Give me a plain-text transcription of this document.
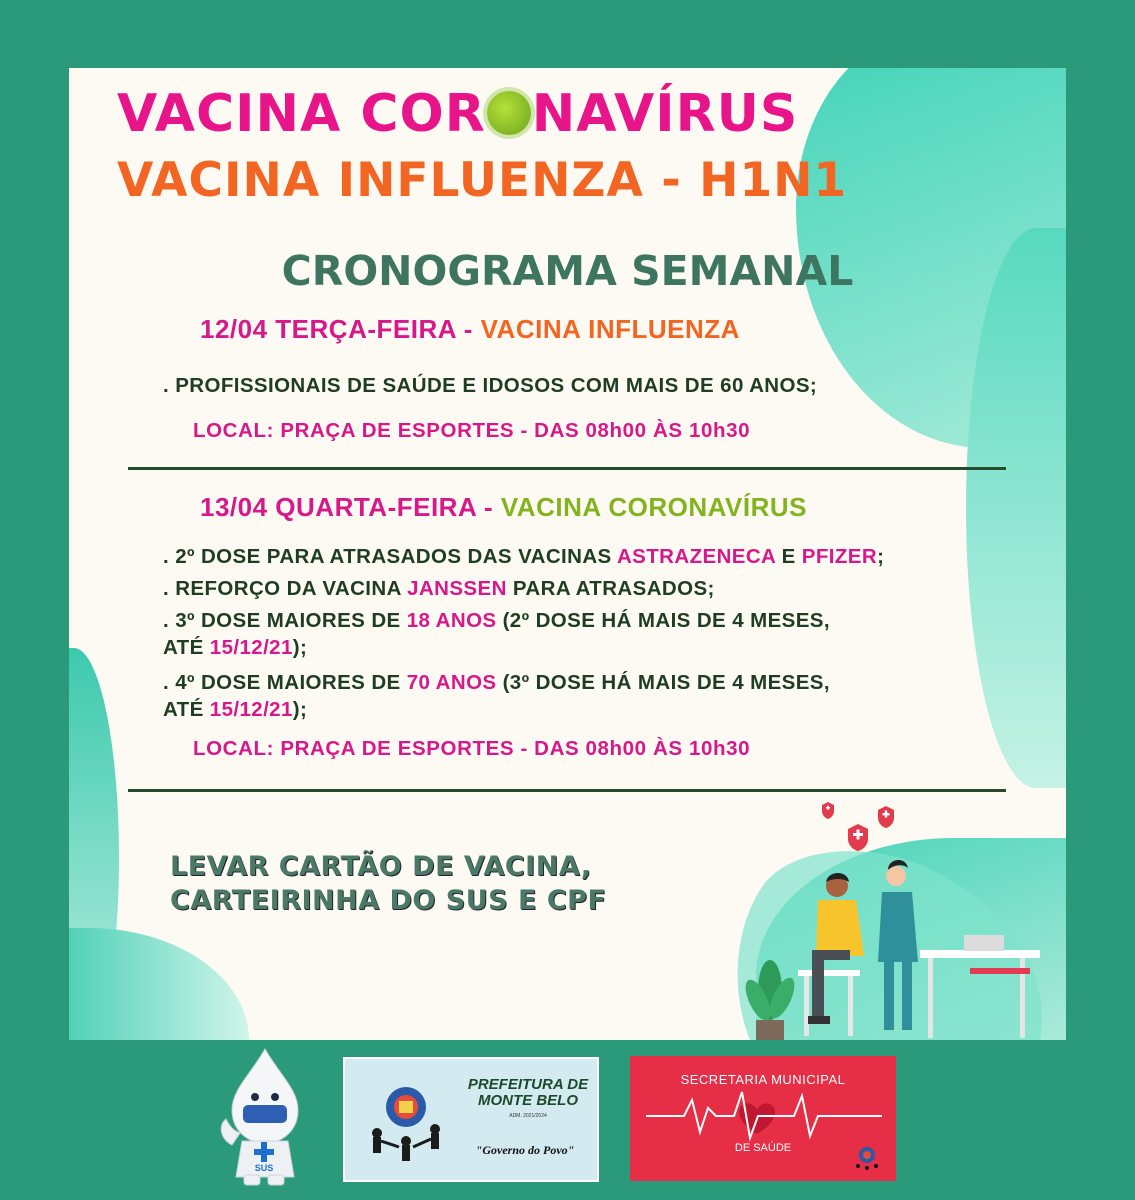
VACINA COR NAVÍRUS
VACINA INFLUENZA - H1N1
CRONOGRAMA SEMANAL
12/04 TERÇA-FEIRA - VACINA INFLUENZA
. PROFISSIONAIS DE SAÚDE E IDOSOS COM MAIS DE 60 ANOS;
LOCAL: PRAÇA DE ESPORTES - DAS 08h00 ÀS 10h30
13/04 QUARTA-FEIRA - VACINA CORONAVÍRUS
. 2º DOSE PARA ATRASADOS DAS VACINAS ASTRAZENECA E PFIZER;
. REFORÇO DA VACINA JANSSEN PARA ATRASADOS;
. 3º DOSE MAIORES DE 18 ANOS (2º DOSE HÁ MAIS DE 4 MESES,
ATÉ 15/12/21);
. 4º DOSE MAIORES DE 70 ANOS (3º DOSE HÁ MAIS DE 4 MESES,
ATÉ 15/12/21);
LOCAL: PRAÇA DE ESPORTES - DAS 08h00 ÀS 10h30
LEVAR CARTÃO DE VACINA,
CARTEIRINHA DO SUS E CPF
SUS
PREFEITURA DE
MONTE BELO
ADM. 2021/2024
"Governo do Povo"
SECRETARIA MUNICIPAL
DE SAÚDE
